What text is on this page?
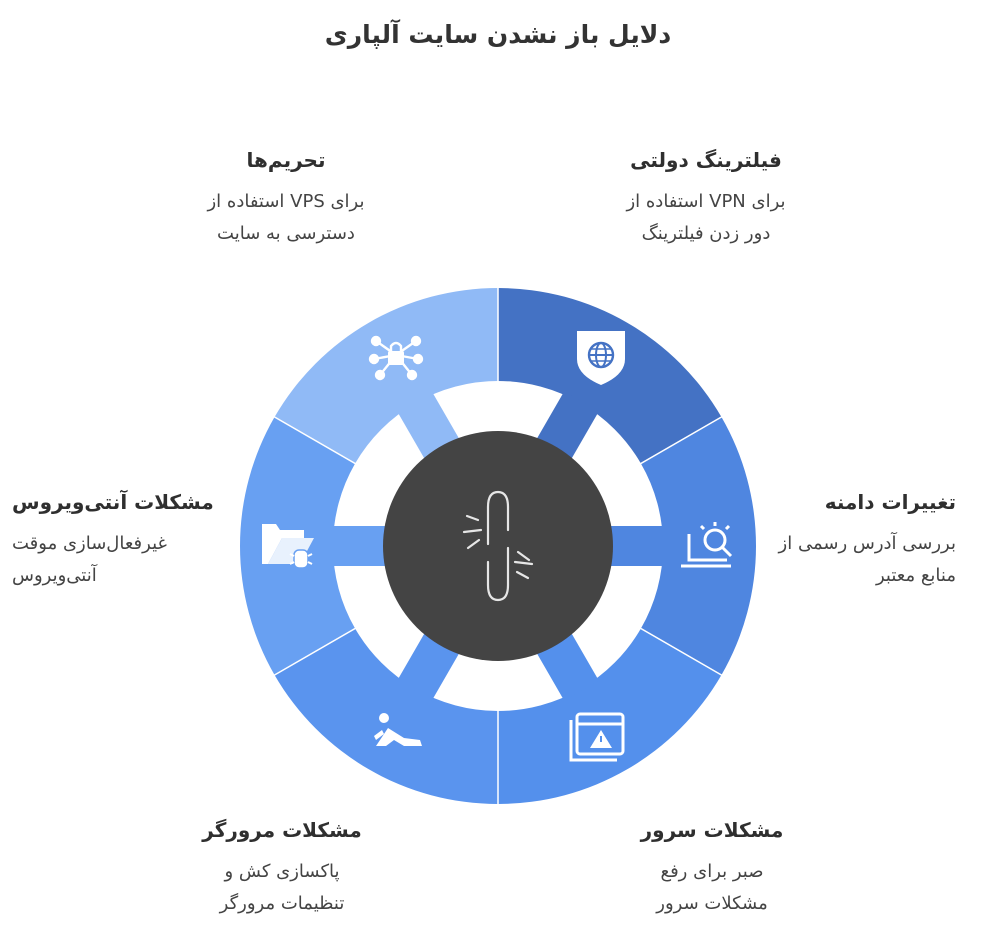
دلایل باز نشدن سایت آلپاری
فیلترینگ دولتی
برای VPN استفاده از
دور زدن فیلترینگ
تغییرات دامنه
بررسی آدرس رسمی از
منابع معتبر
مشکلات سرور
صبر برای رفع
مشکلات سرور
مشکلات مرورگر
پاکسازی کش و
تنظیمات مرورگر
مشکلات آنتی‌ویروس
غیرفعال‌سازی موقت
آنتی‌ویروس
تحریم‌ها
برای VPS استفاده از
دسترسی به سایت
